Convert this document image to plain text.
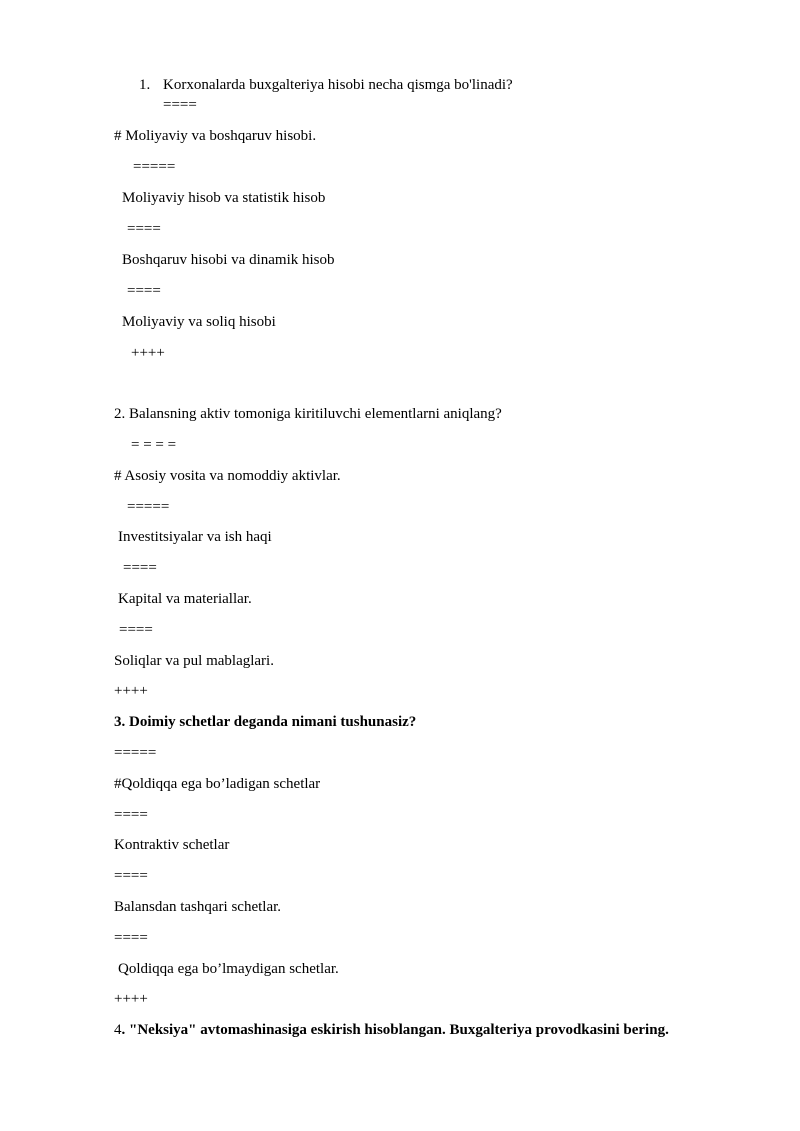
1. Korxonalarda buxgalteriya hisobi necha qismga bo'linadi?
====
# Moliyaviy va boshqaruv hisobi.
=====
Moliyaviy hisob va statistik hisob
====
Boshqaruv hisobi va dinamik hisob
====
Moliyaviy va soliq hisobi
++++
2. Balansning aktiv tomoniga kiritiluvchi elementlarni aniqlang?
= = = =
# Asosiy vosita va nomoddiy aktivlar.
=====
Investitsiyalar va ish haqi
====
Kapital va materiallar.
====
Soliqlar va pul mablaglari.
++++
3. Doimiy schetlar deganda nimani tushunasiz?
=====
#Qoldiqqa ega bo’ladigan schetlar
====
Kontraktiv schetlar
====
Balansdan tashqari schetlar.
====
Qoldiqqa ega bo’lmaydigan schetlar.
++++
4. "Neksiya" avtomashinasiga eskirish hisoblangan. Buxgalteriya provodkasini bering.
